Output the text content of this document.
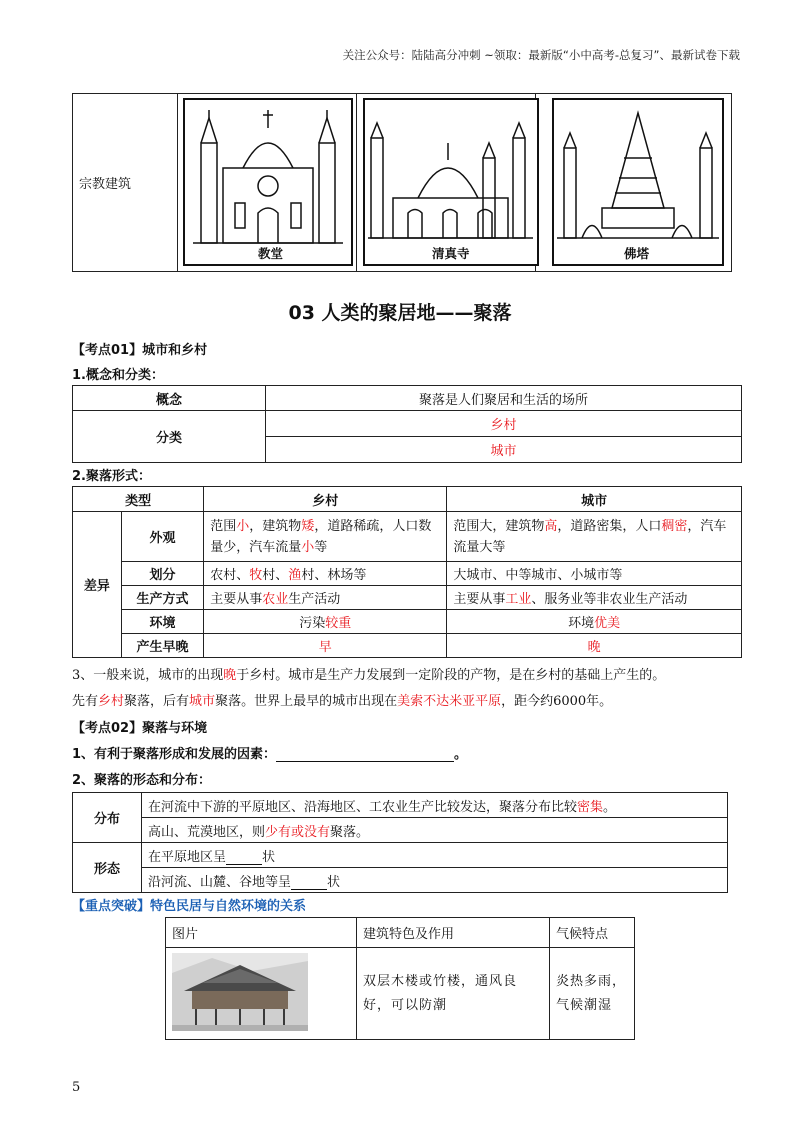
关注公众号：陆陆高分冲刺 ~领取：最新版“小中高考-总复习”、最新试卷下载
宗教建筑			
教堂	清真寺	佛塔
03 人类的聚居地——聚落
【考点01】城市和乡村
1.概念和分类：
概念	聚落是人们聚居和生活的场所
分类	乡村
	城市
2.聚落形式：
类型		乡村	城市
差异	外观	范围小，建筑物矮，道路稀疏，人口数量少，汽车流量小等	范围大，建筑物高，道路密集，人口稠密，汽车流量大等
	划分	农村、牧村、渔村、林场等	大城市、中等城市、小城市等
	生产方式	主要从事农业生产活动	主要从事工业、服务业等非农业生产活动
	环境	污染较重	环境优美
	产生早晚	早	晚
3、一般来说，城市的出现晚于乡村。城市是生产力发展到一定阶段的产物，是在乡村的基础上产生的。
先有乡村聚落，后有城市聚落。世界上最早的城市出现在美索不达米亚平原，距今约6000年。
【考点02】聚落与环境
1、有利于聚落形成和发展的因素：	。
2、聚落的形态和分布：
分布	在河流中下游的平原地区、沿海地区、工农业生产比较发达，聚落分布比较密集。
	高山、荒漠地区，则少有或没有聚落。
形态	在平原地区呈 状
	沿河流、山麓、谷地等呈 状
【重点突破】特色民居与自然环境的关系
图片	建筑特色及作用	气候特点
	双层木楼或竹楼，通风良好，可以防潮	炎热多雨，气候潮湿
5
